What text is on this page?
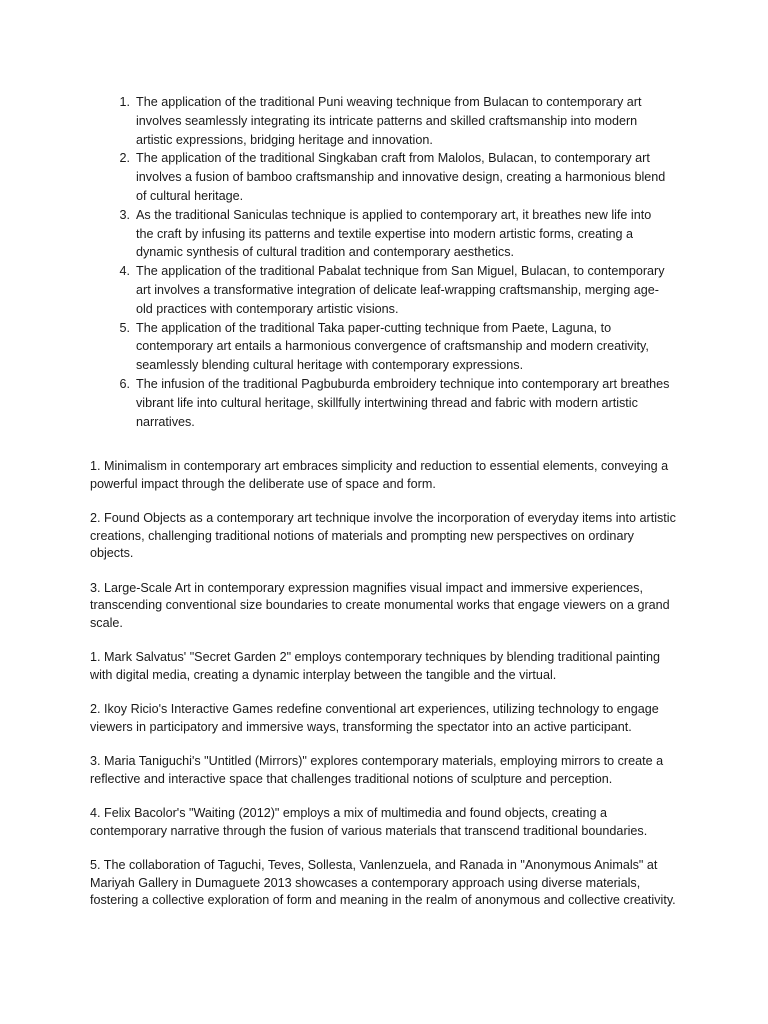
1. The application of the traditional Puni weaving technique from Bulacan to contemporary art involves seamlessly integrating its intricate patterns and skilled craftsmanship into modern artistic expressions, bridging heritage and innovation.
2. The application of the traditional Singkaban craft from Malolos, Bulacan, to contemporary art involves a fusion of bamboo craftsmanship and innovative design, creating a harmonious blend of cultural heritage.
3. As the traditional Saniculas technique is applied to contemporary art, it breathes new life into the craft by infusing its patterns and textile expertise into modern artistic forms, creating a dynamic synthesis of cultural tradition and contemporary aesthetics.
4. The application of the traditional Pabalat technique from San Miguel, Bulacan, to contemporary art involves a transformative integration of delicate leaf-wrapping craftsmanship, merging age-old practices with contemporary artistic visions.
5. The application of the traditional Taka paper-cutting technique from Paete, Laguna, to contemporary art entails a harmonious convergence of craftsmanship and modern creativity, seamlessly blending cultural heritage with contemporary expressions.
6. The infusion of the traditional Pagbuburda embroidery technique into contemporary art breathes vibrant life into cultural heritage, skillfully intertwining thread and fabric with modern artistic narratives.

1. Minimalism in contemporary art embraces simplicity and reduction to essential elements, conveying a powerful impact through the deliberate use of space and form.

2. Found Objects as a contemporary art technique involve the incorporation of everyday items into artistic creations, challenging traditional notions of materials and prompting new perspectives on ordinary objects.

3. Large-Scale Art in contemporary expression magnifies visual impact and immersive experiences, transcending conventional size boundaries to create monumental works that engage viewers on a grand scale.

1. Mark Salvatus' "Secret Garden 2" employs contemporary techniques by blending traditional painting with digital media, creating a dynamic interplay between the tangible and the virtual.

2. Ikoy Ricio's Interactive Games redefine conventional art experiences, utilizing technology to engage viewers in participatory and immersive ways, transforming the spectator into an active participant.

3. Maria Taniguchi's "Untitled (Mirrors)" explores contemporary materials, employing mirrors to create a reflective and interactive space that challenges traditional notions of sculpture and perception.

4. Felix Bacolor's "Waiting (2012)" employs a mix of multimedia and found objects, creating a contemporary narrative through the fusion of various materials that transcend traditional boundaries.

5. The collaboration of Taguchi, Teves, Sollesta, Vanlenzuela, and Ranada in "Anonymous Animals" at Mariyah Gallery in Dumaguete 2013 showcases a contemporary approach using diverse materials, fostering a collective exploration of form and meaning in the realm of anonymous and collective creativity.
